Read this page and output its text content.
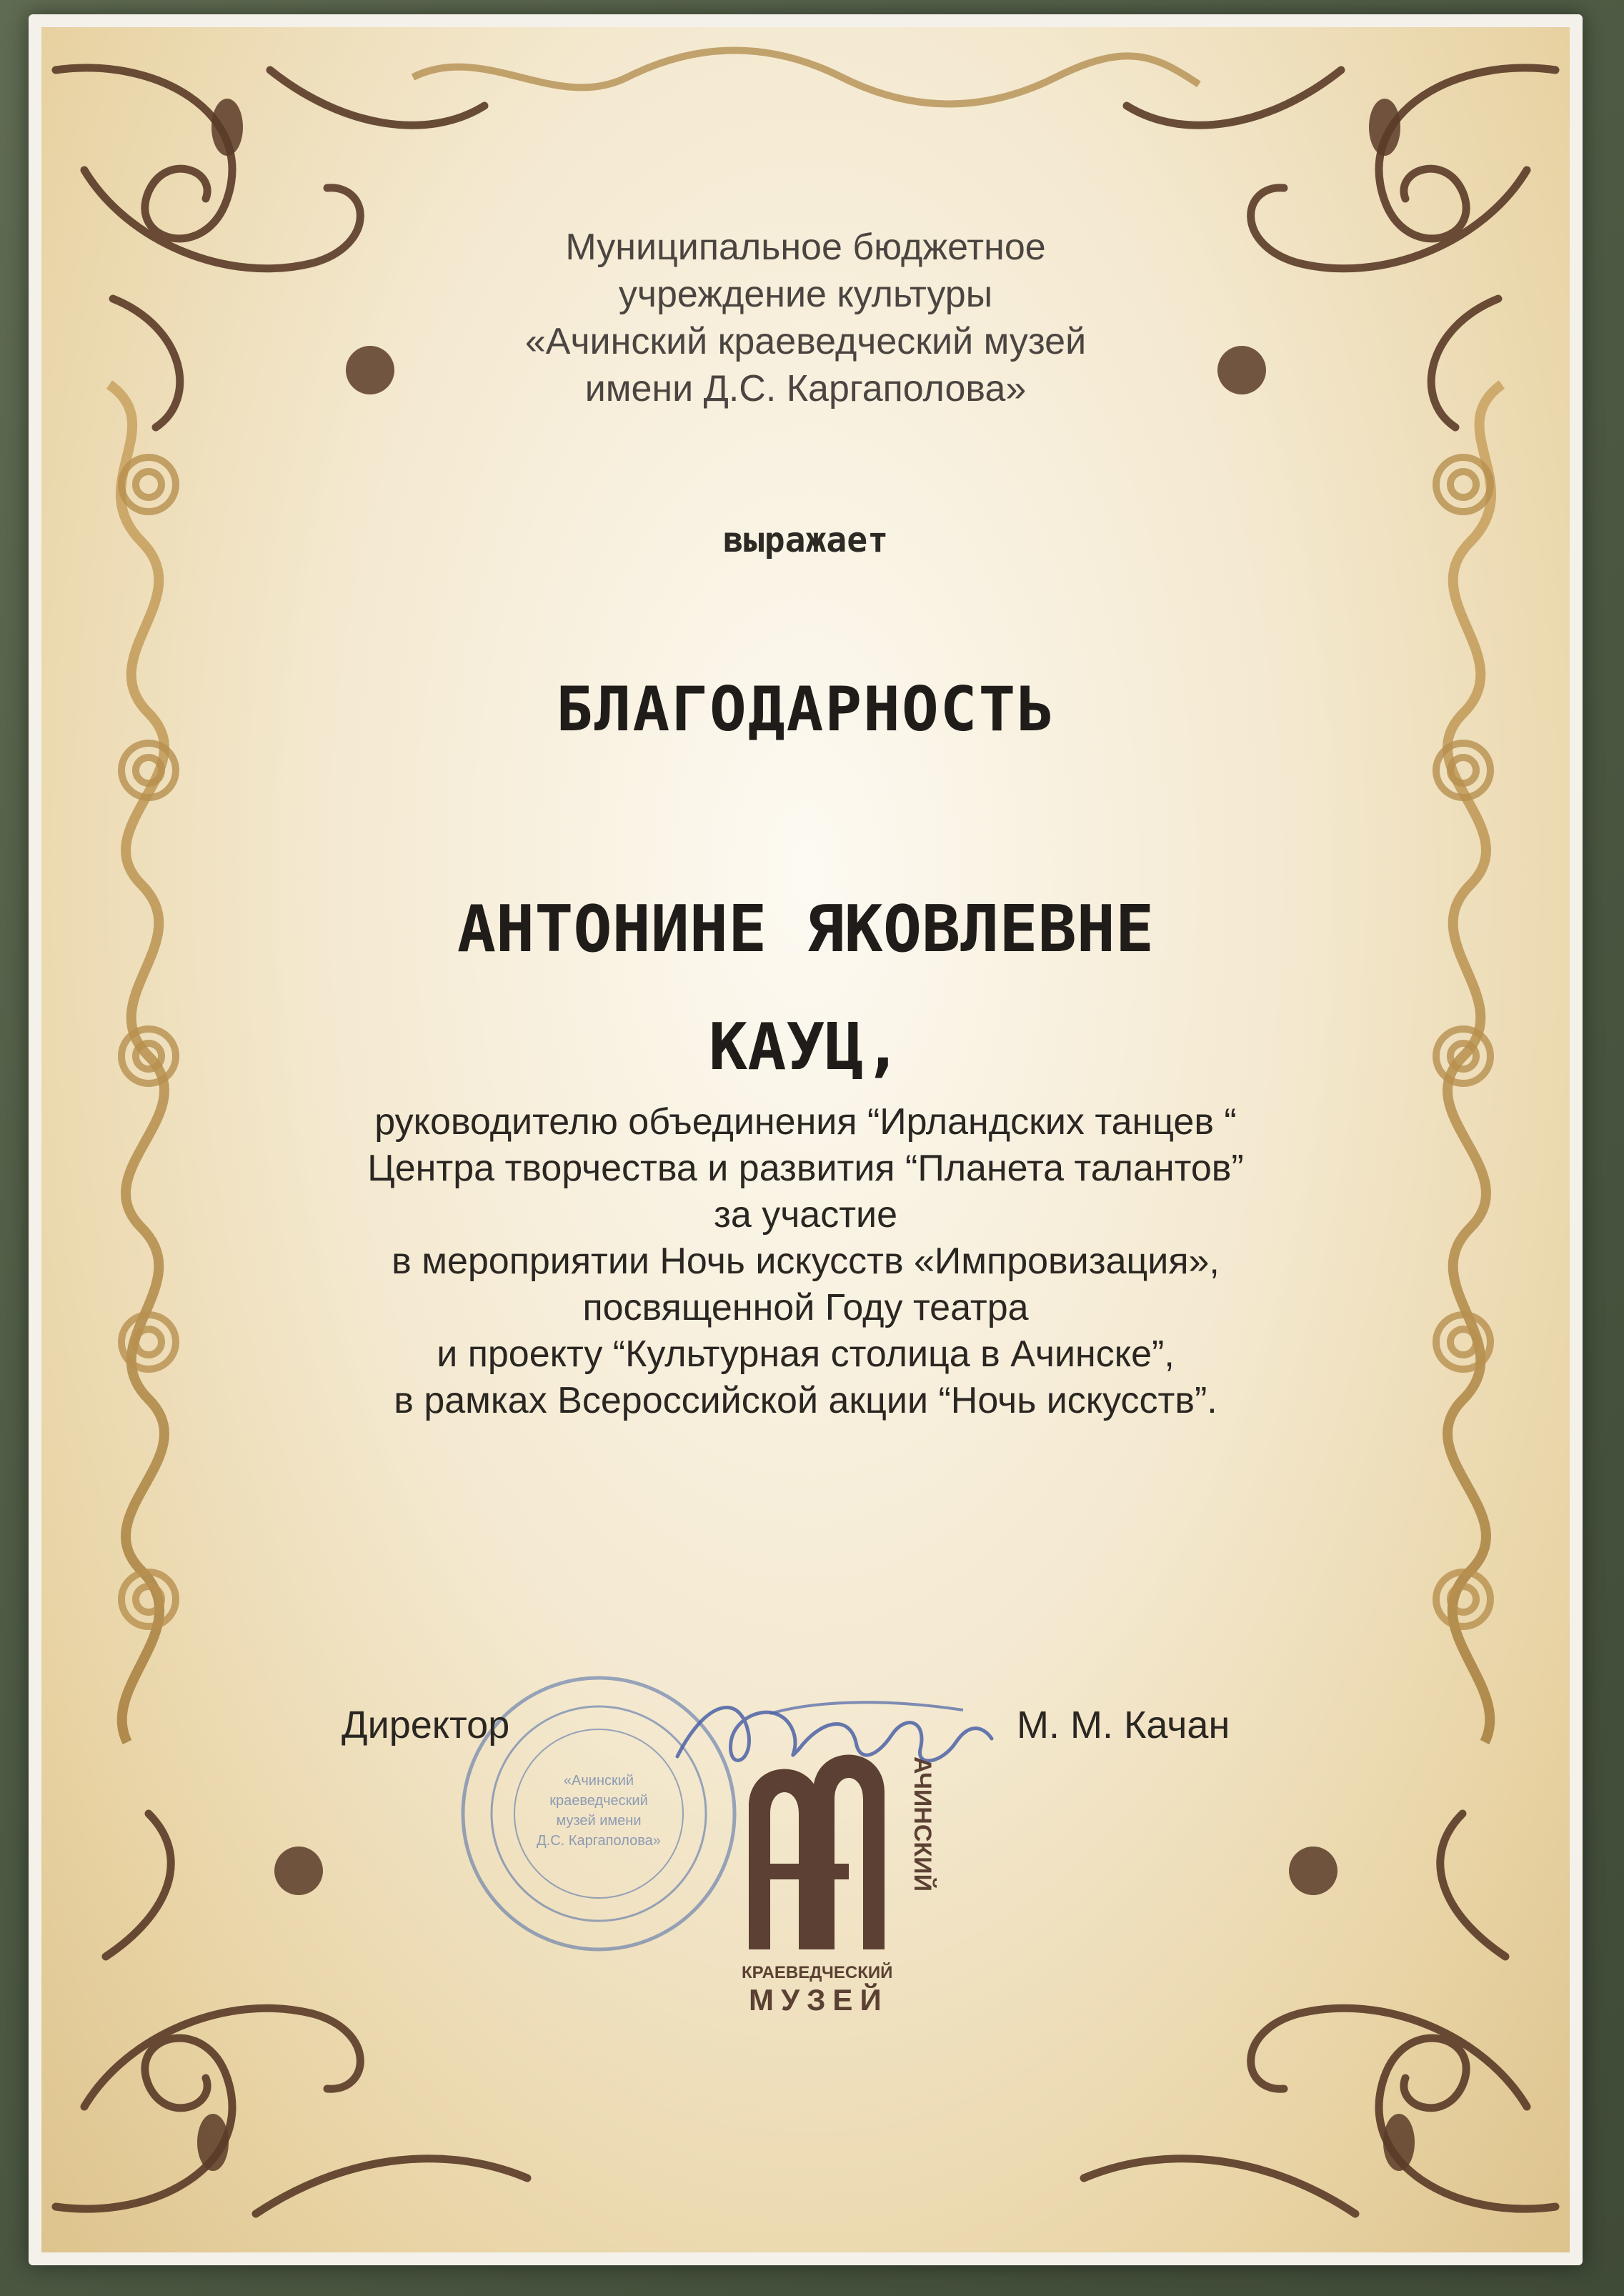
Муниципальное бюджетное
учреждение культуры
«Ачинский краеведческий музей
имени Д.С. Каргаполова»
выражает
БЛАГОДАРНОСТЬ
АНТОНИНЕ ЯКОВЛЕВНЕ
КАУЦ,
руководителю объединения “Ирландских танцев “
Центра творчества и развития “Планета талантов”
за участие
в мероприятии Ночь искусств «Импровизация»,
посвященной Году театра
и проекту “Культурная столица в Ачинске”,
в рамках Всероссийской акции “Ночь искусств”.
«Ачинский
краеведческий
музей имени
Д.С. Каргаполова»	АЧИНСКИЙ
КРАЕВЕДЧЕСКИЙ
МУЗЕЙ
Директор	М. М. Качан
